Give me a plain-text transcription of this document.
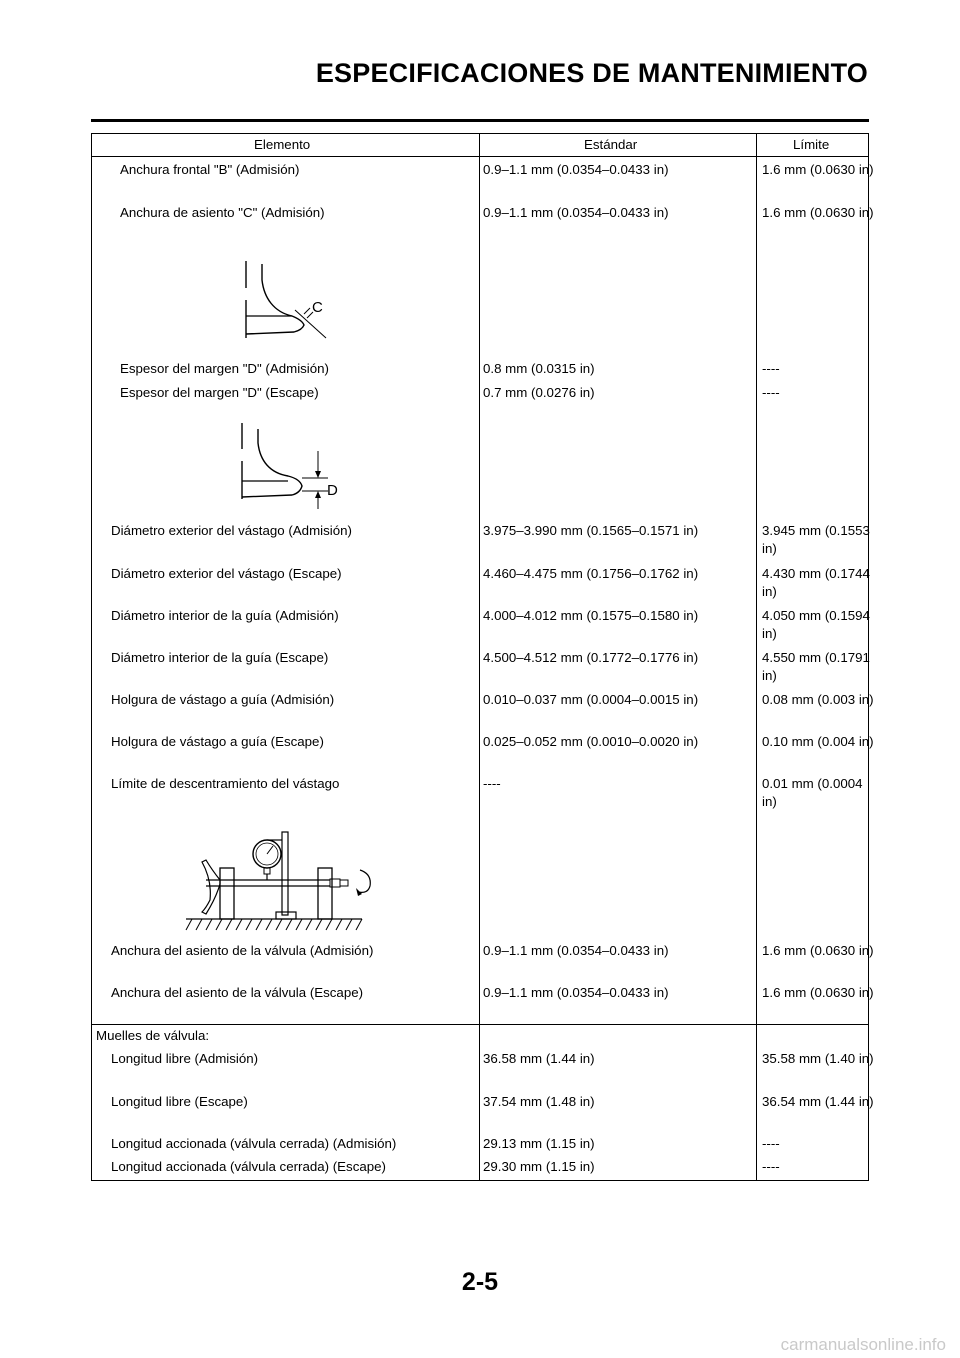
ESPECIFICACIONES DE MANTENIMIENTO
Elemento	Estándar	Límite
Anchura frontal "B" (Admisión)	0.9–1.1 mm (0.0354–0.0433 in)	1.6 mm (0.0630 in)
Anchura de asiento "C" (Admisión)	0.9–1.1 mm (0.0354–0.0433 in)	1.6 mm (0.0630 in)
C
Espesor del margen "D" (Admisión)	0.8 mm (0.0315 in)	----
Espesor del margen "D" (Escape)	0.7 mm (0.0276 in)	----
D
Diámetro exterior del vástago (Admisión)	3.975–3.990 mm (0.1565–0.1571 in)	3.945 mm (0.1553 in)
Diámetro exterior del vástago (Escape)	4.460–4.475 mm (0.1756–0.1762 in)	4.430 mm (0.1744 in)
Diámetro interior de la guía (Admisión)	4.000–4.012 mm (0.1575–0.1580 in)	4.050 mm (0.1594 in)
Diámetro interior de la guía (Escape)	4.500–4.512 mm (0.1772–0.1776 in)	4.550 mm (0.1791 in)
Holgura de vástago a guía (Admisión)	0.010–0.037 mm (0.0004–0.0015 in)	0.08 mm (0.003 in)
Holgura de vástago a guía (Escape)	0.025–0.052 mm (0.0010–0.0020 in)	0.10 mm (0.004 in)
Límite de descentramiento del vástago	----	0.01 mm (0.0004 in)
Anchura del asiento de la válvula (Admisión)	0.9–1.1 mm (0.0354–0.0433 in)	1.6 mm (0.0630 in)
Anchura del asiento de la válvula (Escape)	0.9–1.1 mm (0.0354–0.0433 in)	1.6 mm (0.0630 in)
Muelles de válvula:
Longitud libre (Admisión)	36.58 mm (1.44 in)	35.58 mm (1.40 in)
Longitud libre (Escape)	37.54 mm (1.48 in)	36.54 mm (1.44 in)
Longitud accionada (válvula cerrada) (Admisión)	29.13 mm (1.15 in)	----
Longitud accionada (válvula cerrada) (Escape)	29.30 mm (1.15 in)	----
2-5
carmanualsonline.info
